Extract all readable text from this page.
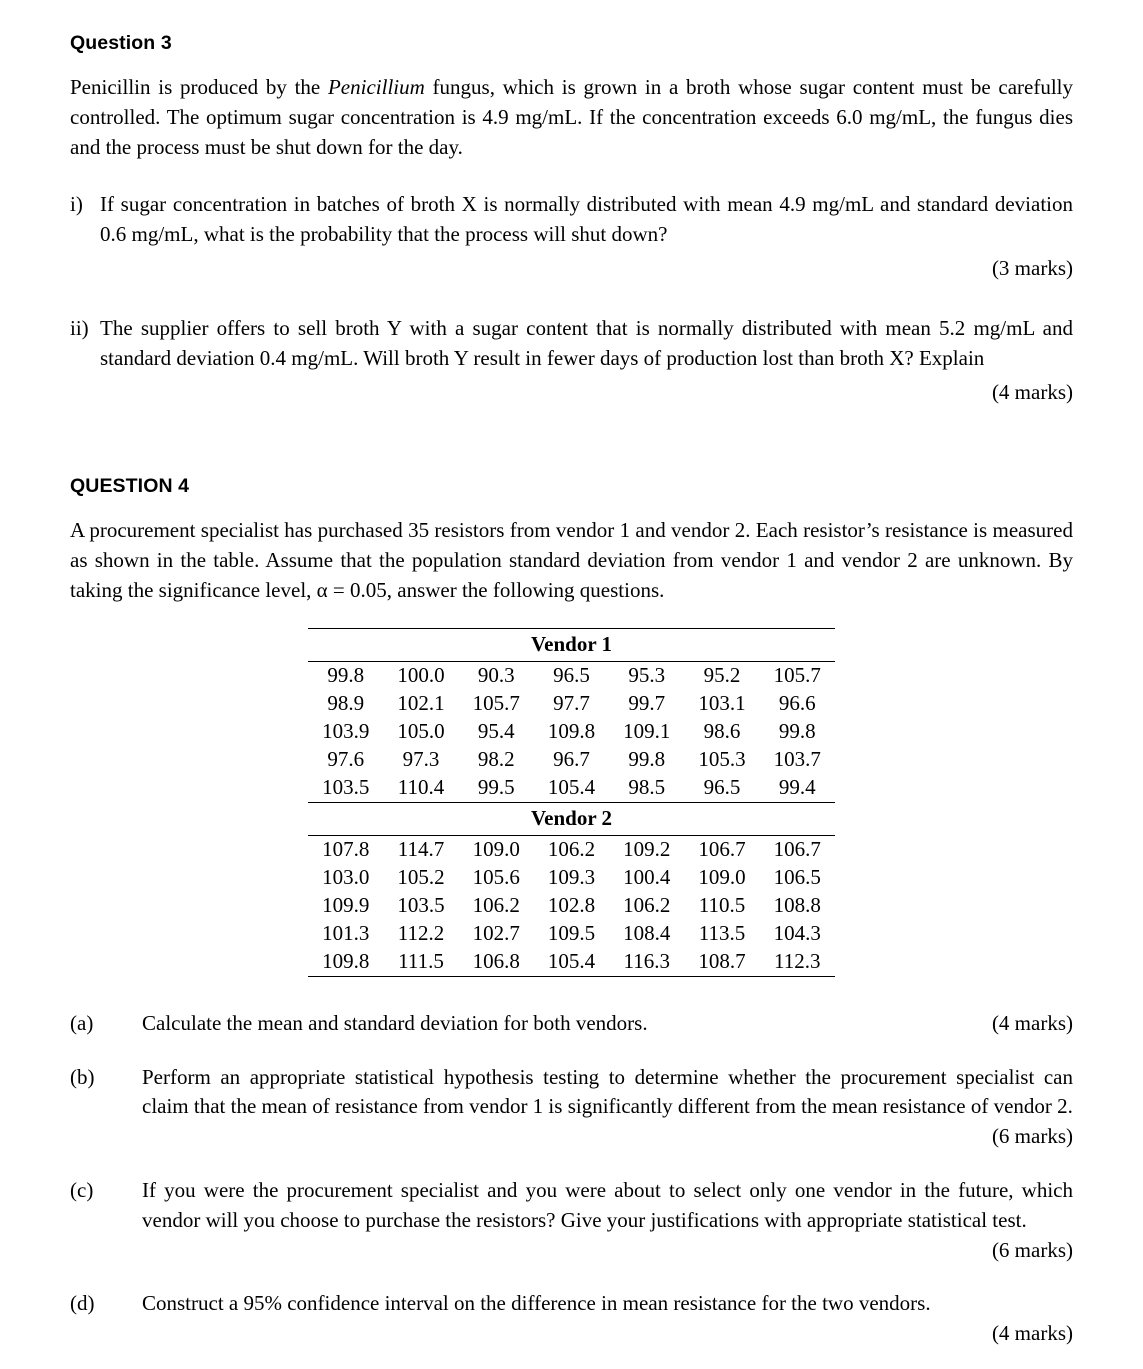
Question 3

Penicillin is produced by the Penicillium fungus, which is grown in a broth whose sugar content must be carefully controlled. The optimum sugar concentration is 4.9 mg/mL. If the concentration exceeds 6.0 mg/mL, the fungus dies and the process must be shut down for the day.

i) If sugar concentration in batches of broth X is normally distributed with mean 4.9 mg/mL and standard deviation 0.6 mg/mL, what is the probability that the process will shut down?

(3 marks)

ii) The supplier offers to sell broth Y with a sugar content that is normally distributed with mean 5.2 mg/mL and standard deviation 0.4 mg/mL. Will broth Y result in fewer days of production lost than broth X? Explain

(4 marks)

QUESTION 4

A procurement specialist has purchased 35 resistors from vendor 1 and vendor 2. Each resistor’s resistance is measured as shown in the table. Assume that the population standard deviation from vendor 1 and vendor 2 are unknown. By taking the significance level, α = 0.05, answer the following questions.

Vendor 1						
99.8	100.0	90.3	96.5	95.3	95.2	105.7
98.9	102.1	105.7	97.7	99.7	103.1	96.6
103.9	105.0	95.4	109.8	109.1	98.6	99.8
97.6	97.3	98.2	96.7	99.8	105.3	103.7
103.5	110.4	99.5	105.4	98.5	96.5	99.4
Vendor 2						
107.8	114.7	109.0	106.2	109.2	106.7	106.7
103.0	105.2	105.6	109.3	100.4	109.0	106.5
109.9	103.5	106.2	102.8	106.2	110.5	108.8
101.3	112.2	102.7	109.5	108.4	113.5	104.3
109.8	111.5	106.8	105.4	116.3	108.7	112.3
(a)	(4 marks)
Calculate the mean and standard deviation for both vendors.
(b)	Perform an appropriate statistical hypothesis testing to determine whether the procurement specialist can claim that the mean of resistance from vendor 1 is significantly different from the mean resistance of vendor 2.
(6 marks)
(c)	If you were the procurement specialist and you were about to select only one vendor in the future, which vendor will you choose to purchase the resistors? Give your justifications with appropriate statistical test.
(6 marks)
(d)	Construct a 95% confidence interval on the difference in mean resistance for the two vendors.
(4 marks)
